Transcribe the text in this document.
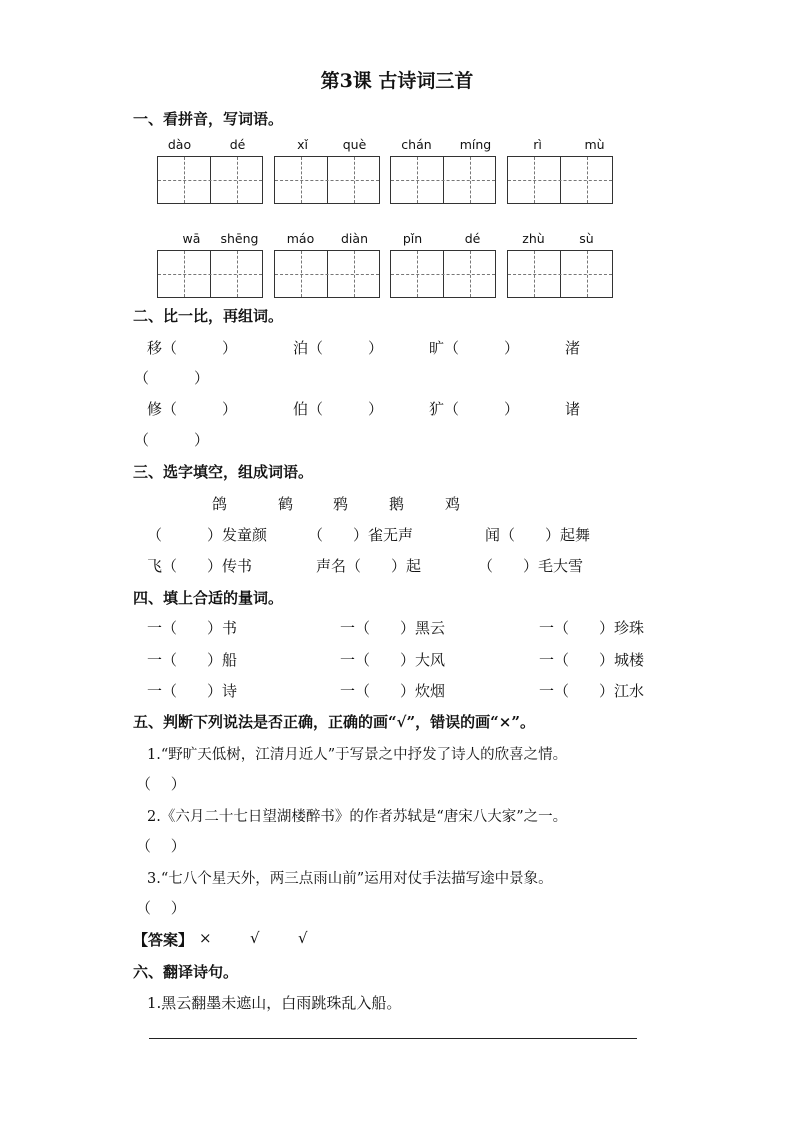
第3课 古诗词三首
一、看拼音，写词语。
dào	dé	xǐ	què	chán	míng	rì	mù
wā	shēng	máo	diàn	pǐn	dé	zhù	sù
二、比一比，再组词。
移（　　　）	泊（　　　）	旷（　　　）	渚
（　　　）
修（　　　）	伯（　　　）	犷（　　　）	诸
（　　　）
三、选字填空，组成词语。
鸽	鹤	鸦	鹅	鸡
（　　　）发童颜	（　　）雀无声	闻（　　）起舞
飞（　　）传书	声名（　　）起	（　　）毛大雪
四、填上合适的量词。
一（　　）书	一（　　）黑云	一（　　）珍珠
一（　　）船	一（　　）大风	一（　　）城楼
一（　　）诗	一（　　）炊烟	一（　　）江水
五、判断下列说法是否正确，正确的画“√”，错误的画“×”。
1.“野旷天低树，江清月近人”于写景之中抒发了诗人的欣喜之情。
（　 ）
2.《六月二十七日望湖楼醉书》的作者苏轼是“唐宋八大家”之一。
（　 ）
3.“七八个星天外，两三点雨山前”运用对仗手法描写途中景象。
（　 ）
【答案】 ×	√	√
六、翻译诗句。
1.黑云翻墨未遮山，白雨跳珠乱入船。
